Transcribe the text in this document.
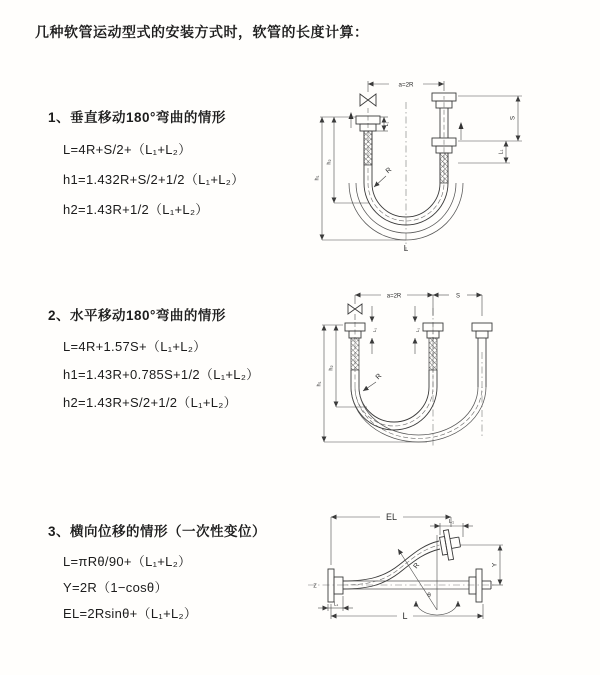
几种软管运动型式的安装方式时，软管的长度计算：
1、垂直移动180°弯曲的情形
L=4R+S/2+（L₁+L₂）
h1=1.432R+S/2+1/2（L₁+L₂）
h2=1.43R+1/2（L₁+L₂）
a=2R
S
L₁
h₁
h₂
L₁
R
L
2、水平移动180°弯曲的情形
L=4R+1.57S+（L₁+L₂）
h1=1.43R+0.785S+1/2（L₁+L₂）
h2=1.43R+S/2+1/2（L₁+L₂）
a=2R	S
h₁
h₂
L₁	L₁
R
3、横向位移的情形（一次性变位）
L=πRθ/90+（L₁+L₂）
Y=2R（1−cosθ）
EL=2Rsinθ+（L₁+L₂）
Z
EL	L₁
Y
L
L₁
θ
R
